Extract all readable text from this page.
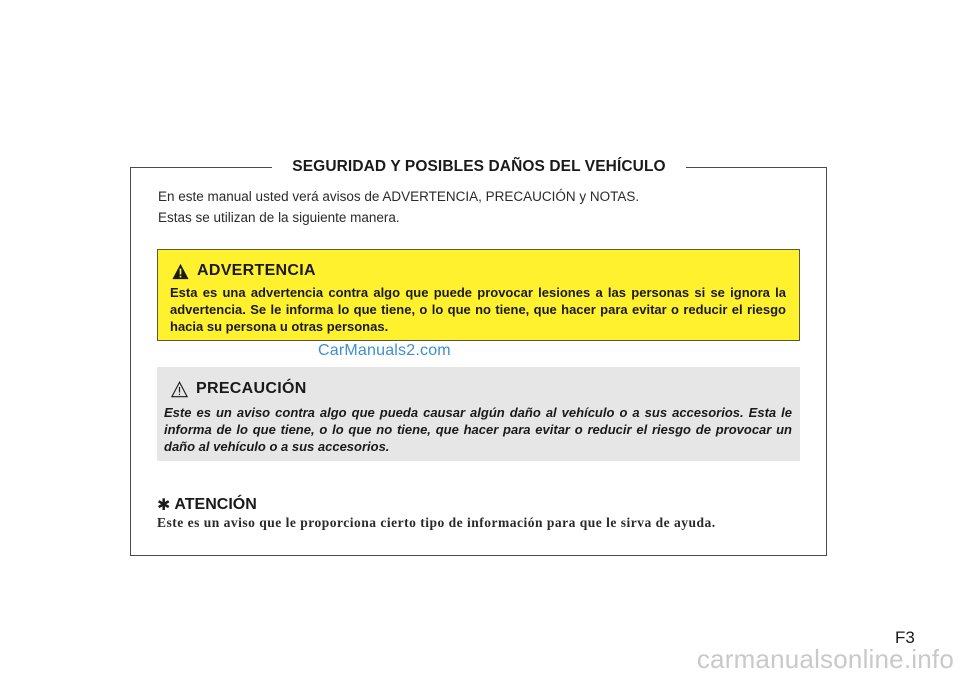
SEGURIDAD Y POSIBLES DAÑOS DEL VEHÍCULO
En este manual usted verá avisos de ADVERTENCIA, PRECAUCIÓN y NOTAS.
Estas se utilizan de la siguiente manera.
ADVERTENCIA
Esta es una advertencia contra algo que puede provocar lesiones a las personas si se ignora la advertencia. Se le informa lo que tiene, o lo que no tiene, que hacer para evitar o reducir el riesgo hacia su persona u otras personas.
CarManuals2.com
PRECAUCIÓN
Este es un aviso contra algo que pueda causar algún daño al vehículo o a sus accesorios. Esta le informa de lo que tiene, o lo que no tiene, que hacer para evitar o reducir el riesgo de provocar un daño al vehículo o a sus accesorios.
✱ ATENCIÓN
Este es un aviso que le proporciona cierto tipo de información para que le sirva de ayuda.
F3
carmanualsonline.info
